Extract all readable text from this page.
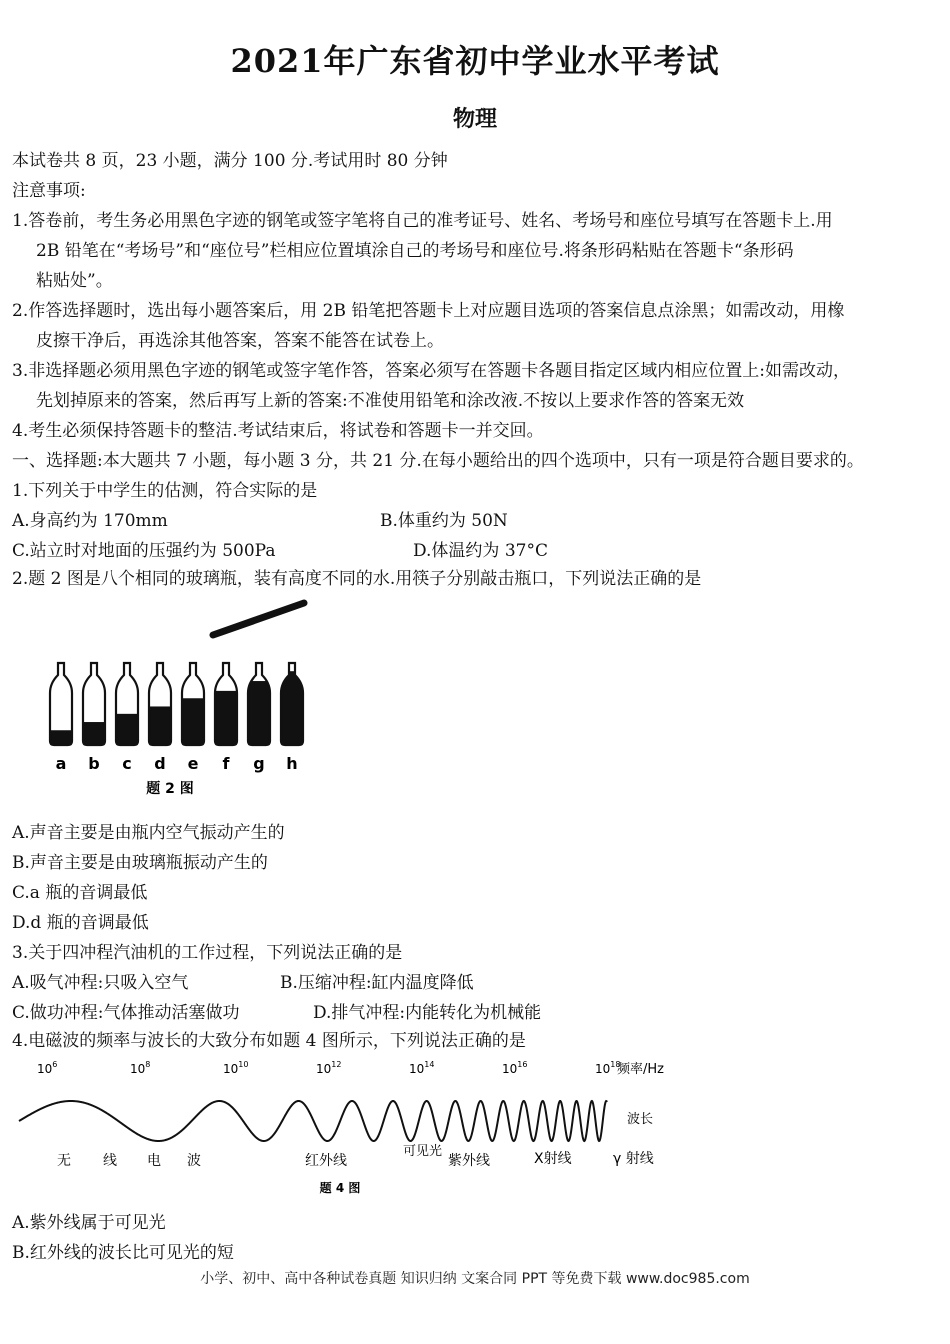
2021年广东省初中学业水平考试
物理
本试卷共 8 页，23 小题，满分 100 分.考试用时 80 分钟
注意事项:
1.答卷前，考生务必用黑色字迹的钢笔或签字笔将自己的准考证号、姓名、考场号和座位号填写在答题卡上.用
2B 铅笔在“考场号”和“座位号”栏相应位置填涂自己的考场号和座位号.将条形码粘贴在答题卡“条形码
粘贴处”。
2.作答选择题时，选出每小题答案后，用 2B 铅笔把答题卡上对应题目选项的答案信息点涂黑；如需改动，用橡
皮擦干净后，再选涂其他答案，答案不能答在试卷上。
3.非选择题必须用黑色字迹的钢笔或签字笔作答，答案必须写在答题卡各题目指定区域内相应位置上:如需改动，
先划掉原来的答案，然后再写上新的答案:不准使用铅笔和涂改液.不按以上要求作答的答案无效
4.考生必须保持答题卡的整洁.考试结束后，将试卷和答题卡一并交回。
一、选择题:本大题共 7 小题，每小题 3 分，共 21 分.在每小题给出的四个选项中，只有一项是符合题目要求的。
1.下列关于中学生的估测，符合实际的是
A.身高约为 170mm	B.体重约为 50N
C.站立时对地面的压强约为 500Pa	D.体温约为 37°C
2.题 2 图是八个相同的玻璃瓶，装有高度不同的水.用筷子分别敲击瓶口，下列说法正确的是
a b c d e f g h
题 2 图
A.声音主要是由瓶内空气振动产生的
B.声音主要是由玻璃瓶振动产生的
C.a 瓶的音调最低
D.d 瓶的音调最低
3.关于四冲程汽油机的工作过程，下列说法正确的是
A.吸气冲程:只吸入空气	B.压缩冲程:缸内温度降低
C.做功冲程:气体推动活塞做功	D.排气冲程:内能转化为机械能
4.电磁波的频率与波长的大致分布如题 4 图所示，下列说法正确的是
$10^6$	$10^8$	$10^{10}$	$10^{12}$	$10^{14}$	$10^{16}$	$10^{18}$
频率/Hz
波长
无 线 电 波	红外线
可见光
紫外线	X射线	γ 射线
题 4 图
A.紫外线属于可见光
B.红外线的波长比可见光的短
小学、初中、高中各种试卷真题 知识归纳 文案合同 PPT 等免费下载 www.doc985.com
